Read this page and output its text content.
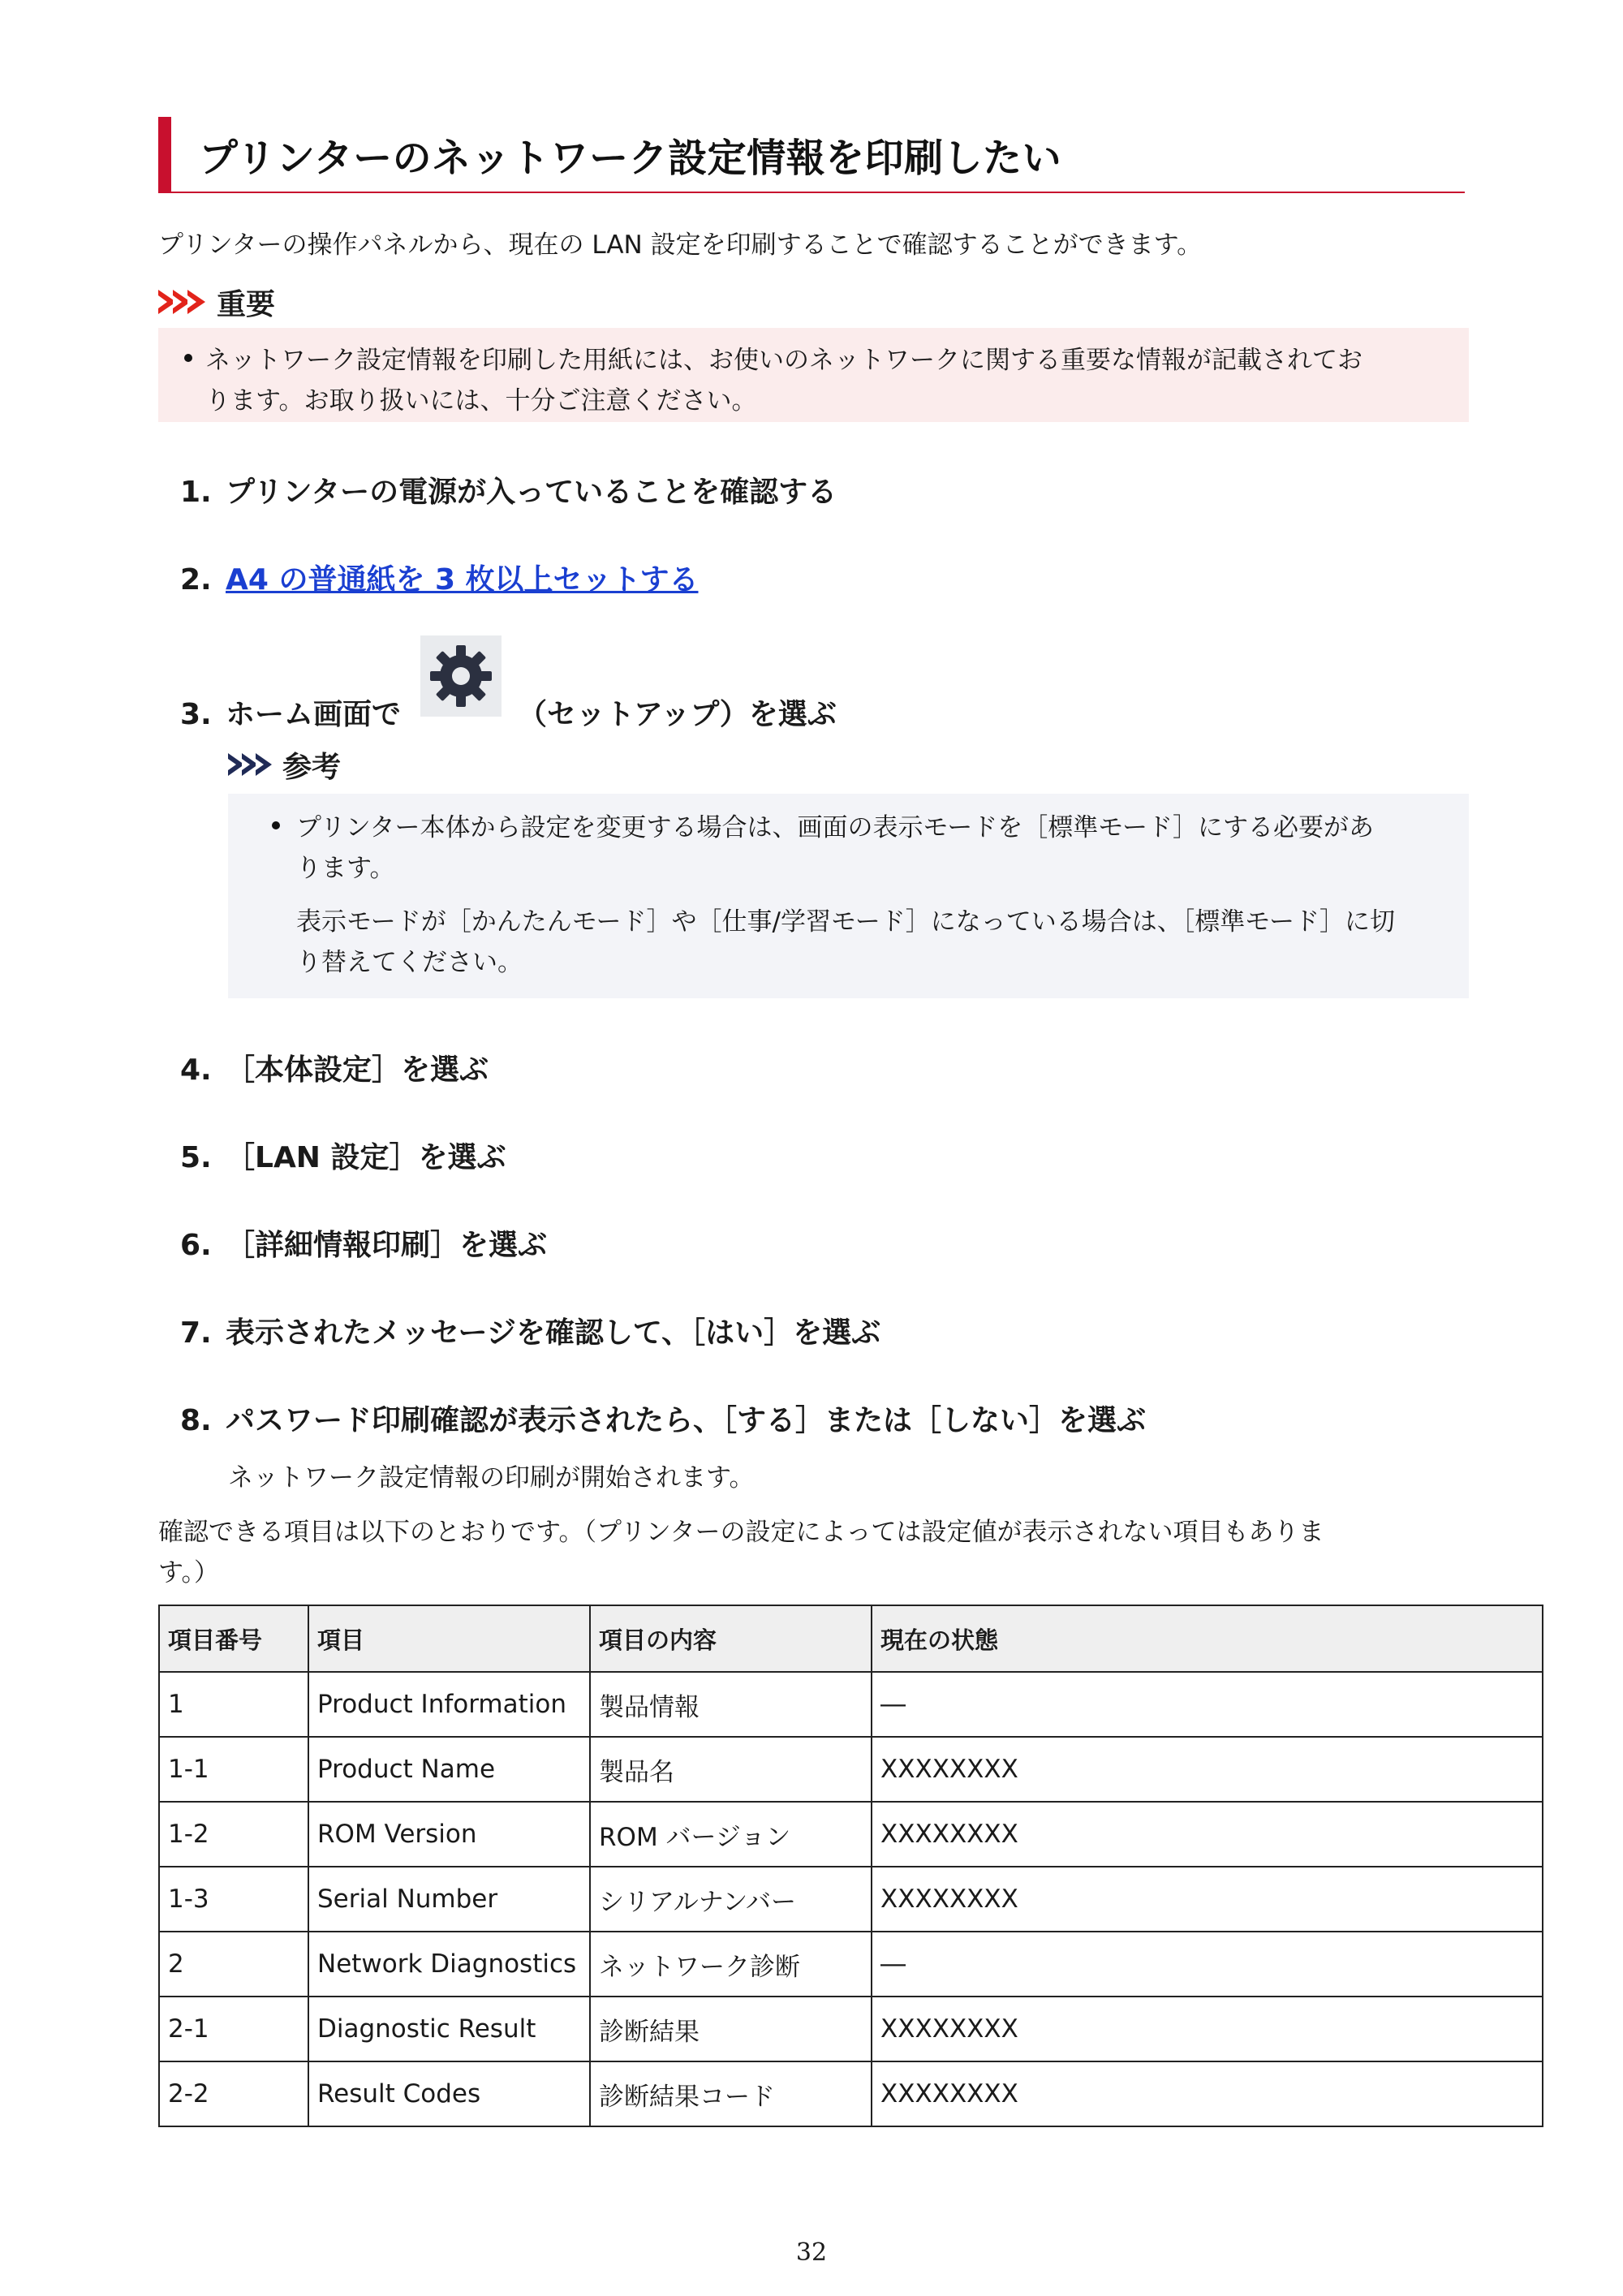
プリンターのネットワーク設定情報を印刷したい
プリンターの操作パネルから、現在の LAN 設定を印刷することで確認することができます。
重要
ネットワーク設定情報を印刷した用紙には、お使いのネットワークに関する重要な情報が記載されてお
ります。お取り扱いには、十分ご注意ください。
1. プリンターの電源が入っていることを確認する
2. A4 の普通紙を 3 枚以上セットする
3. ホーム画面で	（セットアップ）を選ぶ
参考
プリンター本体から設定を変更する場合は、画面の表示モードを［標準モード］にする必要があ
ります。
表示モードが［かんたんモード］や［仕事/学習モード］になっている場合は、［標準モード］に切
り替えてください。
4. ［本体設定］を選ぶ
5. ［LAN 設定］を選ぶ
6. ［詳細情報印刷］を選ぶ
7. 表示されたメッセージを確認して、［はい］を選ぶ
8. パスワード印刷確認が表示されたら、［する］または［しない］を選ぶ
ネットワーク設定情報の印刷が開始されます。
確認できる項目は以下のとおりです。（プリンターの設定によっては設定値が表示されない項目もありま
す。）
項目番号	項目	項目の内容	現在の状態
1	Product Information	製品情報	―
1-1	Product Name	製品名	XXXXXXXX
1-2	ROM Version	ROM バージョン	XXXXXXXX
1-3	Serial Number	シリアルナンバー	XXXXXXXX
2	Network Diagnostics	ネットワーク診断	―
2-1	Diagnostic Result	診断結果	XXXXXXXX
2-2	Result Codes	診断結果コード	XXXXXXXX
32
